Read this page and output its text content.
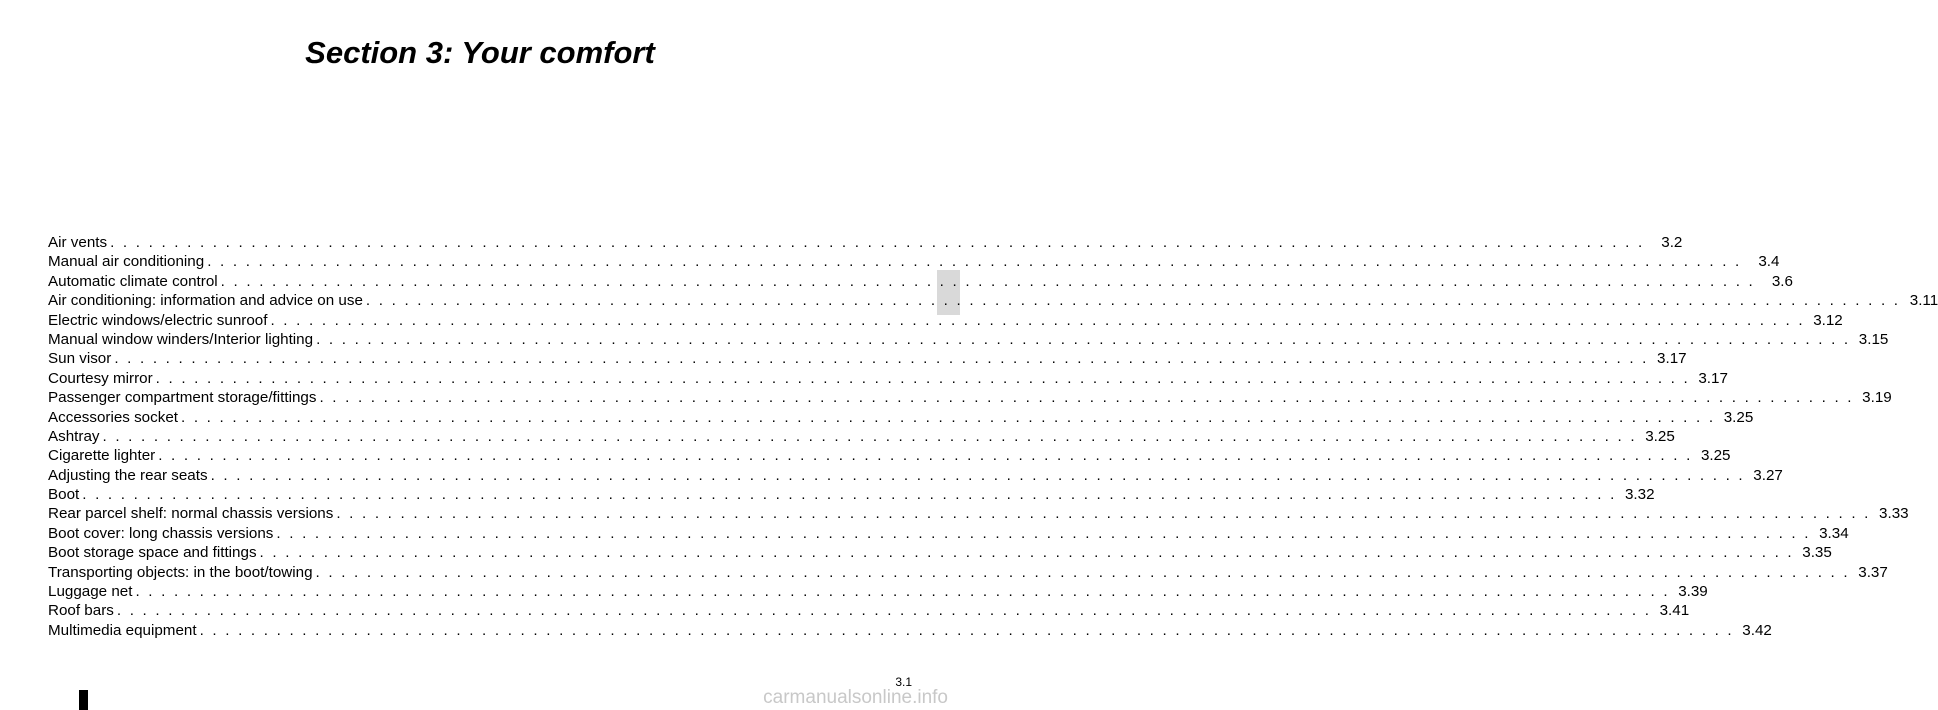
Section 3: Your comfort
Air vents . . . . . . . . . . . . . . . . . . . . . . . . . . . . . . . . . . . . . . . . . . . . . . . . . . . . . . . . . . . . . . . . . . . . . . . . . . . . . . . . . . . . . . . . . . . . . . . . . . . . . . . . . . . . . . . . . . . . . . . .	3.2
Manual air conditioning . . . . . . . . . . . . . . . . . . . . . . . . . . . . . . . . . . . . . . . . . . . . . . . . . . . . . . . . . . . . . . . . . . . . . . . . . . . . . . . . . . . . . . . . . . . . . . . . . . . . . . . . . . . . . . . . . . . . . . . .	3.4
Automatic climate control . . . . . . . . . . . . . . . . . . . . . . . . . . . . . . . . . . . . . . . . . . . . . . . . . . . . . . . . . . . . . . . . . . . . . . . . . . . . . . . . . . . . . . . . . . . . . . . . . . . . . . . . . . . . . . . . . . . . . . . .	3.6
Air conditioning: information and advice on use . . . . . . . . . . . . . . . . . . . . . . . . . . . . . . . . . . . . . . . . . . . . . . . . . . . . . . . . . . . . . . . . . . . . . . . . . . . . . . . . . . . . . . . . . . . . . . . . . . . . . . . . . . . . . . . . . . . . . . . . 3.11
Electric windows/electric sunroof . . . . . . . . . . . . . . . . . . . . . . . . . . . . . . . . . . . . . . . . . . . . . . . . . . . . . . . . . . . . . . . . . . . . . . . . . . . . . . . . . . . . . . . . . . . . . . . . . . . . . . . . . . . . . . . . . . . . . . . . 3.12
Manual window winders/Interior lighting . . . . . . . . . . . . . . . . . . . . . . . . . . . . . . . . . . . . . . . . . . . . . . . . . . . . . . . . . . . . . . . . . . . . . . . . . . . . . . . . . . . . . . . . . . . . . . . . . . . . . . . . . . . . . . . . . . . . . . . . 3.15
Sun visor . . . . . . . . . . . . . . . . . . . . . . . . . . . . . . . . . . . . . . . . . . . . . . . . . . . . . . . . . . . . . . . . . . . . . . . . . . . . . . . . . . . . . . . . . . . . . . . . . . . . . . . . . . . . . . . . . . . . . . . . 3.17
Courtesy mirror . . . . . . . . . . . . . . . . . . . . . . . . . . . . . . . . . . . . . . . . . . . . . . . . . . . . . . . . . . . . . . . . . . . . . . . . . . . . . . . . . . . . . . . . . . . . . . . . . . . . . . . . . . . . . . . . . . . . . . . . 3.17
Passenger compartment storage/fittings . . . . . . . . . . . . . . . . . . . . . . . . . . . . . . . . . . . . . . . . . . . . . . . . . . . . . . . . . . . . . . . . . . . . . . . . . . . . . . . . . . . . . . . . . . . . . . . . . . . . . . . . . . . . . . . . . . . . . . . . 3.19
Accessories socket . . . . . . . . . . . . . . . . . . . . . . . . . . . . . . . . . . . . . . . . . . . . . . . . . . . . . . . . . . . . . . . . . . . . . . . . . . . . . . . . . . . . . . . . . . . . . . . . . . . . . . . . . . . . . . . . . . . . . . . . 3.25
Ashtray . . . . . . . . . . . . . . . . . . . . . . . . . . . . . . . . . . . . . . . . . . . . . . . . . . . . . . . . . . . . . . . . . . . . . . . . . . . . . . . . . . . . . . . . . . . . . . . . . . . . . . . . . . . . . . . . . . . . . . . . 3.25
Cigarette lighter . . . . . . . . . . . . . . . . . . . . . . . . . . . . . . . . . . . . . . . . . . . . . . . . . . . . . . . . . . . . . . . . . . . . . . . . . . . . . . . . . . . . . . . . . . . . . . . . . . . . . . . . . . . . . . . . . . . . . . . . 3.25
Adjusting the rear seats . . . . . . . . . . . . . . . . . . . . . . . . . . . . . . . . . . . . . . . . . . . . . . . . . . . . . . . . . . . . . . . . . . . . . . . . . . . . . . . . . . . . . . . . . . . . . . . . . . . . . . . . . . . . . . . . . . . . . . . . 3.27
Boot . . . . . . . . . . . . . . . . . . . . . . . . . . . . . . . . . . . . . . . . . . . . . . . . . . . . . . . . . . . . . . . . . . . . . . . . . . . . . . . . . . . . . . . . . . . . . . . . . . . . . . . . . . . . . . . . . . . . . . . . 3.32
Rear parcel shelf: normal chassis versions . . . . . . . . . . . . . . . . . . . . . . . . . . . . . . . . . . . . . . . . . . . . . . . . . . . . . . . . . . . . . . . . . . . . . . . . . . . . . . . . . . . . . . . . . . . . . . . . . . . . . . . . . . . . . . . . . . . . . . . . 3.33
Boot cover: long chassis versions . . . . . . . . . . . . . . . . . . . . . . . . . . . . . . . . . . . . . . . . . . . . . . . . . . . . . . . . . . . . . . . . . . . . . . . . . . . . . . . . . . . . . . . . . . . . . . . . . . . . . . . . . . . . . . . . . . . . . . . . 3.34
Boot storage space and fittings . . . . . . . . . . . . . . . . . . . . . . . . . . . . . . . . . . . . . . . . . . . . . . . . . . . . . . . . . . . . . . . . . . . . . . . . . . . . . . . . . . . . . . . . . . . . . . . . . . . . . . . . . . . . . . . . . . . . . . . . 3.35
Transporting objects: in the boot/towing . . . . . . . . . . . . . . . . . . . . . . . . . . . . . . . . . . . . . . . . . . . . . . . . . . . . . . . . . . . . . . . . . . . . . . . . . . . . . . . . . . . . . . . . . . . . . . . . . . . . . . . . . . . . . . . . . . . . . . . . 3.37
Luggage net . . . . . . . . . . . . . . . . . . . . . . . . . . . . . . . . . . . . . . . . . . . . . . . . . . . . . . . . . . . . . . . . . . . . . . . . . . . . . . . . . . . . . . . . . . . . . . . . . . . . . . . . . . . . . . . . . . . . . . . . 3.39
Roof bars . . . . . . . . . . . . . . . . . . . . . . . . . . . . . . . . . . . . . . . . . . . . . . . . . . . . . . . . . . . . . . . . . . . . . . . . . . . . . . . . . . . . . . . . . . . . . . . . . . . . . . . . . . . . . . . . . . . . . . . . 3.41
Multimedia equipment . . . . . . . . . . . . . . . . . . . . . . . . . . . . . . . . . . . . . . . . . . . . . . . . . . . . . . . . . . . . . . . . . . . . . . . . . . . . . . . . . . . . . . . . . . . . . . . . . . . . . . . . . . . . . . . . . . . . . . . . 3.42
3.1
carmanualsonline.info
